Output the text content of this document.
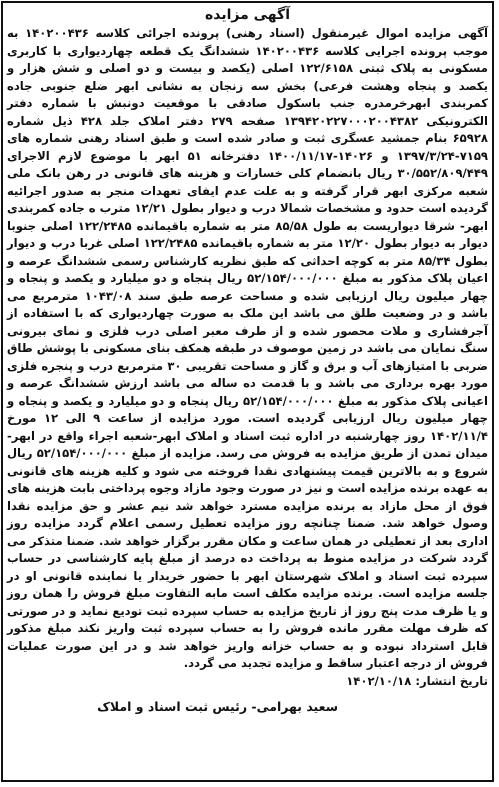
آگهی مزایده

آگهی مزایده اموال غیرمنقول (اسناد رهنی) پرونده اجرائی کلاسه ۱۴۰۲۰۰۴۳۶ به موجب پرونده اجرایی کلاسه ۱۴۰۲۰۰۴۳۶ ششدانگ یک قطعه چهاردیواری با کاربری مسکونی به پلاک ثبتی ۱۲۲/۶۱۵۸ اصلی (یکصد و بیست و دو اصلی و شش هزار و یکصد و پنجاه وهشت فرعی) بخش سه زنجان به نشانی ابهر ضلع جنوبی جاده کمربندی ابهرخرمدره جنب باسکول صادقی با موقعیت دونبش با شماره دفتر الکترونیکی ۱۳۹۴۲۰۲۲۷۰۰۰۲۰۰۴۳۸۲ صفحه ۲۷۹ دفتر املاک جلد ۴۲۸ ذیل شماره ۶۵۹۲۸ بنام جمشید عسگری ثبت و صادر شده است و طبق اسناد رهنی شماره های ۷۱۵۹-۱۳۹۷/۳/۲۴ و ۱۴۰۲۶-۱۴۰۰/۱۱/۱۷ دفترخانه ۵۱ ابهر با موضوع لازم الاجرای ۳۰/۵۵۲/۸۰۹/۴۴۹ ریال بانضمام کلی خسارات و هزینه های قانونی در رهن بانک ملی شعبه مرکزی ابهر قرار گرفته و به علت عدم ایفای تعهدات منجر به صدور اجرائیه گردیده است حدود و مشخصات شمالا درب و دیوار بطول ۱۲/۲۱ مترب ه جاده کمربندی ابهر- شرقا دیواریست به طول ۸۵/۵۸ متر به شماره باقیمانده ۱۲۲/۲۴۸۵ اصلی جنوبا دیوار به دیوار بطول ۱۲/۲۰ متر به شماره باقیمانده ۱۲۲/۲۴۸۵ اصلی غربا درب و دیوار بطول ۸۵/۳۴ متر به کوچه احداثی که طبق نظریه کارشناس رسمی ششدانگ عرصه و اعیان پلاک مذکور به مبلغ ۵۲/۱۵۴/۰۰۰/۰۰۰ ریال پنجاه و دو میلیارد و یکصد و پنجاه و چهار میلیون ریال ارزیابی شده و مساحت عرصه طبق سند ۱۰۴۳/۰۸ مترمربع می باشد و در وضعیت طلق می باشد این ملک به صورت چهاردیواری که با استفاده از آجرفشاری و ملات محصور شده و از طرف معبر اصلی درب فلزی و نمای بیرونی سنگ نمایان می باشد در زمین موصوف در طبقه همکف بنای مسکونی با پوشش طاق ضربی با امتیازهای آب و برق و گاز و مساحت تقریبی ۳۰ مترمربع درب و پنجره فلزی مورد بهره برداری می باشد و با قدمت ده ساله می باشد ارزش ششدانگ عرصه و اعیانی پلاک مذکور به مبلغ ۵۲/۱۵۴/۰۰۰/۰۰۰ ریال پنجاه و دو میلیارد و یکصد و پنجاه و چهار میلیون ریال ارزیابی گردیده است. مورد مزایده از ساعت ۹ الی ۱۲ مورخ ۱۴۰۲/۱۱/۴ روز چهارشنبه در اداره ثبت اسناد و املاک ابهر-شعبه اجراء واقع در ابهر- میدان تمدن از طریق مزایده به فروش می رسد. مزایده از مبلغ ۵۲/۱۵۴/۰۰۰/۰۰۰ ریال شروع و به بالاترین قیمت پیشنهادی نقدا فروخته می شود و کلیه هزینه های قانونی به عهده برنده مزایده است و نیز در صورت وجود مازاد وجوه پرداختی بابت هزینه های فوق از محل مازاد به برنده مزایده مسترد خواهد شد نیم عشر و حق مزایده نقدا وصول خواهد شد. ضمنا چنانچه روز مزایده تعطیل رسمی اعلام گردد مزایده روز اداری بعد از تعطیلی در همان ساعت و مکان مقرر برگزار خواهد شد. ضمنا متذکر می گردد شرکت در مزایده منوط به پرداخت ده درصد از مبلغ پایه کارشناسی در حساب سپرده ثبت اسناد و املاک شهرستان ابهر با حضور خریدار یا نماینده قانونی او در جلسه مزایده است. برنده مزایده مکلف است مابه التفاوت مبلغ فروش را همان روز و یا ظرف مدت پنج روز از تاریخ مزایده به حساب سپرده ثبت تودیع نماید و در صورتی که ظرف مهلت مقرر مانده فروش را به حساب سپرده ثبت واریز نکند مبلغ مذکور قابل استرداد نبوده و به حساب خزانه واریز خواهد شد و در این صورت عملیات فروش از درجه اعتبار ساقط و مزایده تجدید می گردد.

تاریخ انتشار: ۱۴۰۲/۱۰/۱۸

سعید بهرامی- رئیس ثبت اسناد و املاک
